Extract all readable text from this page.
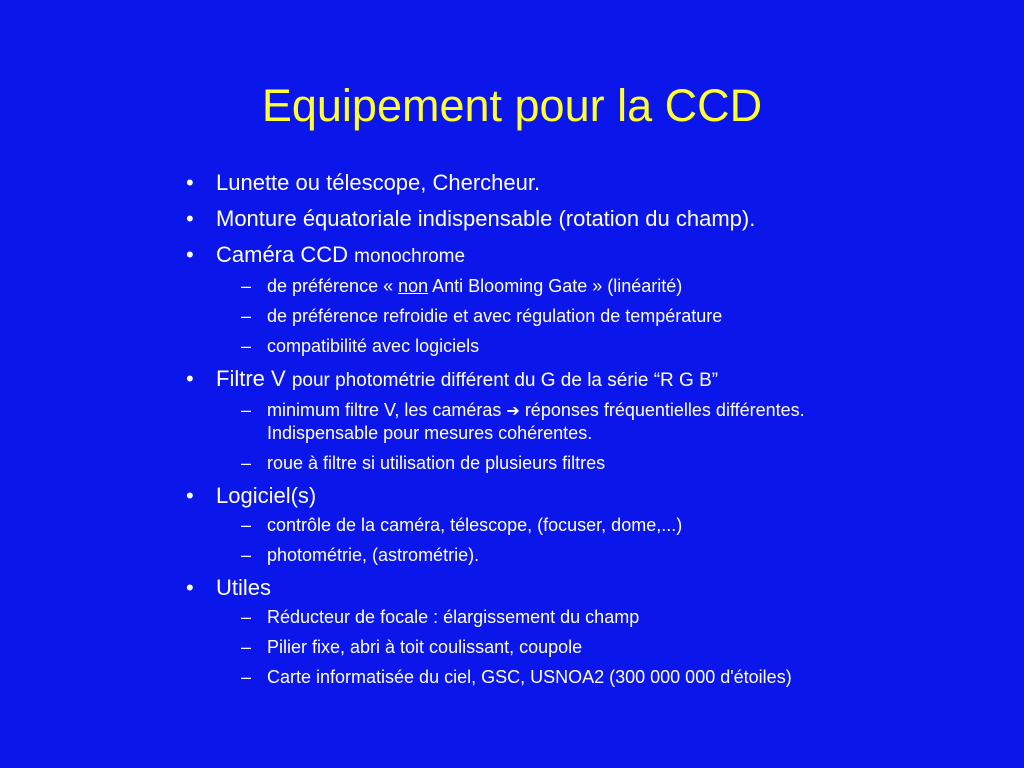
Equipement pour la CCD
• Lunette ou télescope, Chercheur.
• Monture équatoriale indispensable (rotation du champ).
• Caméra CCD monochrome
– de préférence « non Anti Blooming Gate » (linéarité)
– de préférence refroidie et avec régulation de température
– compatibilité avec logiciels
• Filtre V pour photométrie différent du G de la série “R G B”
– minimum filtre V, les caméras ➔ réponses fréquentielles différentes.
Indispensable pour mesures cohérentes.
– roue à filtre si utilisation de plusieurs filtres
• Logiciel(s)
– contrôle de la caméra, télescope, (focuser, dome,...)
– photométrie, (astrométrie).
• Utiles
– Réducteur de focale : élargissement du champ
– Pilier fixe, abri à toit coulissant, coupole
– Carte informatisée du ciel, GSC, USNOA2 (300 000 000 d'étoiles)
